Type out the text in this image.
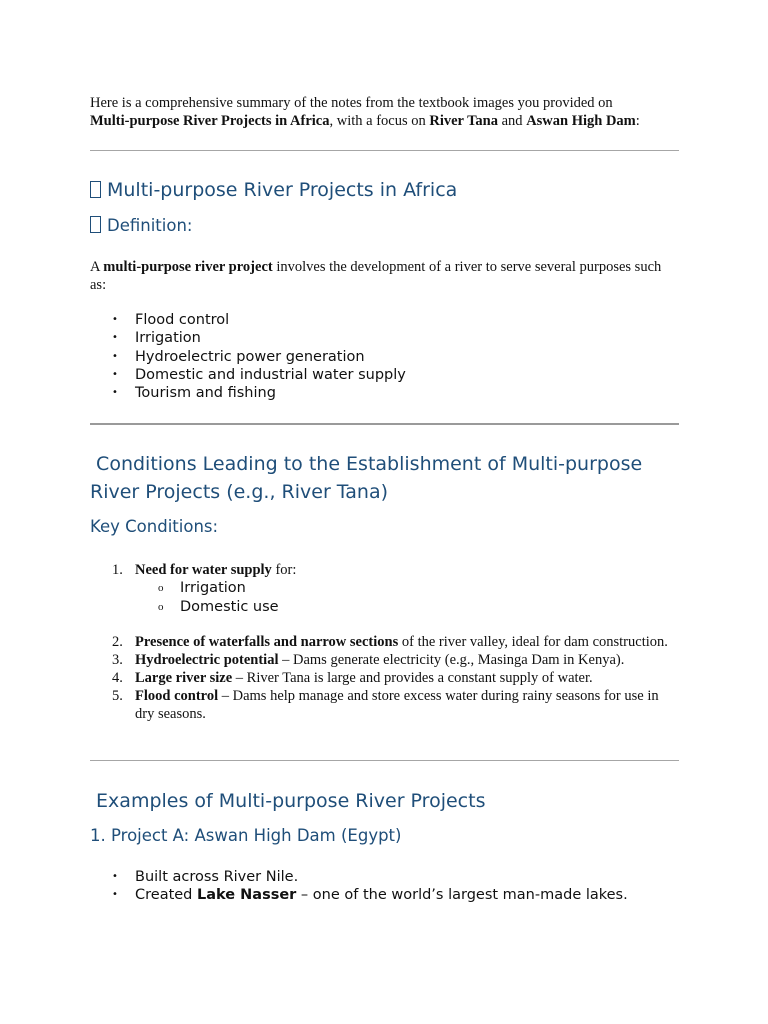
Here is a comprehensive summary of the notes from the textbook images you provided on
Multi-purpose River Projects in Africa, with a focus on River Tana and Aswan High Dam:

Multi-purpose River Projects in Africa
Definition:

A multi-purpose river project involves the development of a river to serve several purposes such as:

• Flood control
• Irrigation
• Hydroelectric power generation
• Domestic and industrial water supply
• Tourism and fishing
Conditions Leading to the Establishment of Multi-purpose
River Projects (e.g., River Tana)
Key Conditions:
1. Need for water supply for:
o Irrigation
o Domestic use
2. Presence of waterfalls and narrow sections of the river valley, ideal for dam construction.
3. Hydroelectric potential – Dams generate electricity (e.g., Masinga Dam in Kenya).
4. Large river size – River Tana is large and provides a constant supply of water.
5. Flood control – Dams help manage and store excess water during rainy seasons for use in dry seasons.
Examples of Multi-purpose River Projects
1. Project A: Aswan High Dam (Egypt)
• Built across River Nile.
• Created Lake Nasser – one of the world’s largest man-made lakes.
